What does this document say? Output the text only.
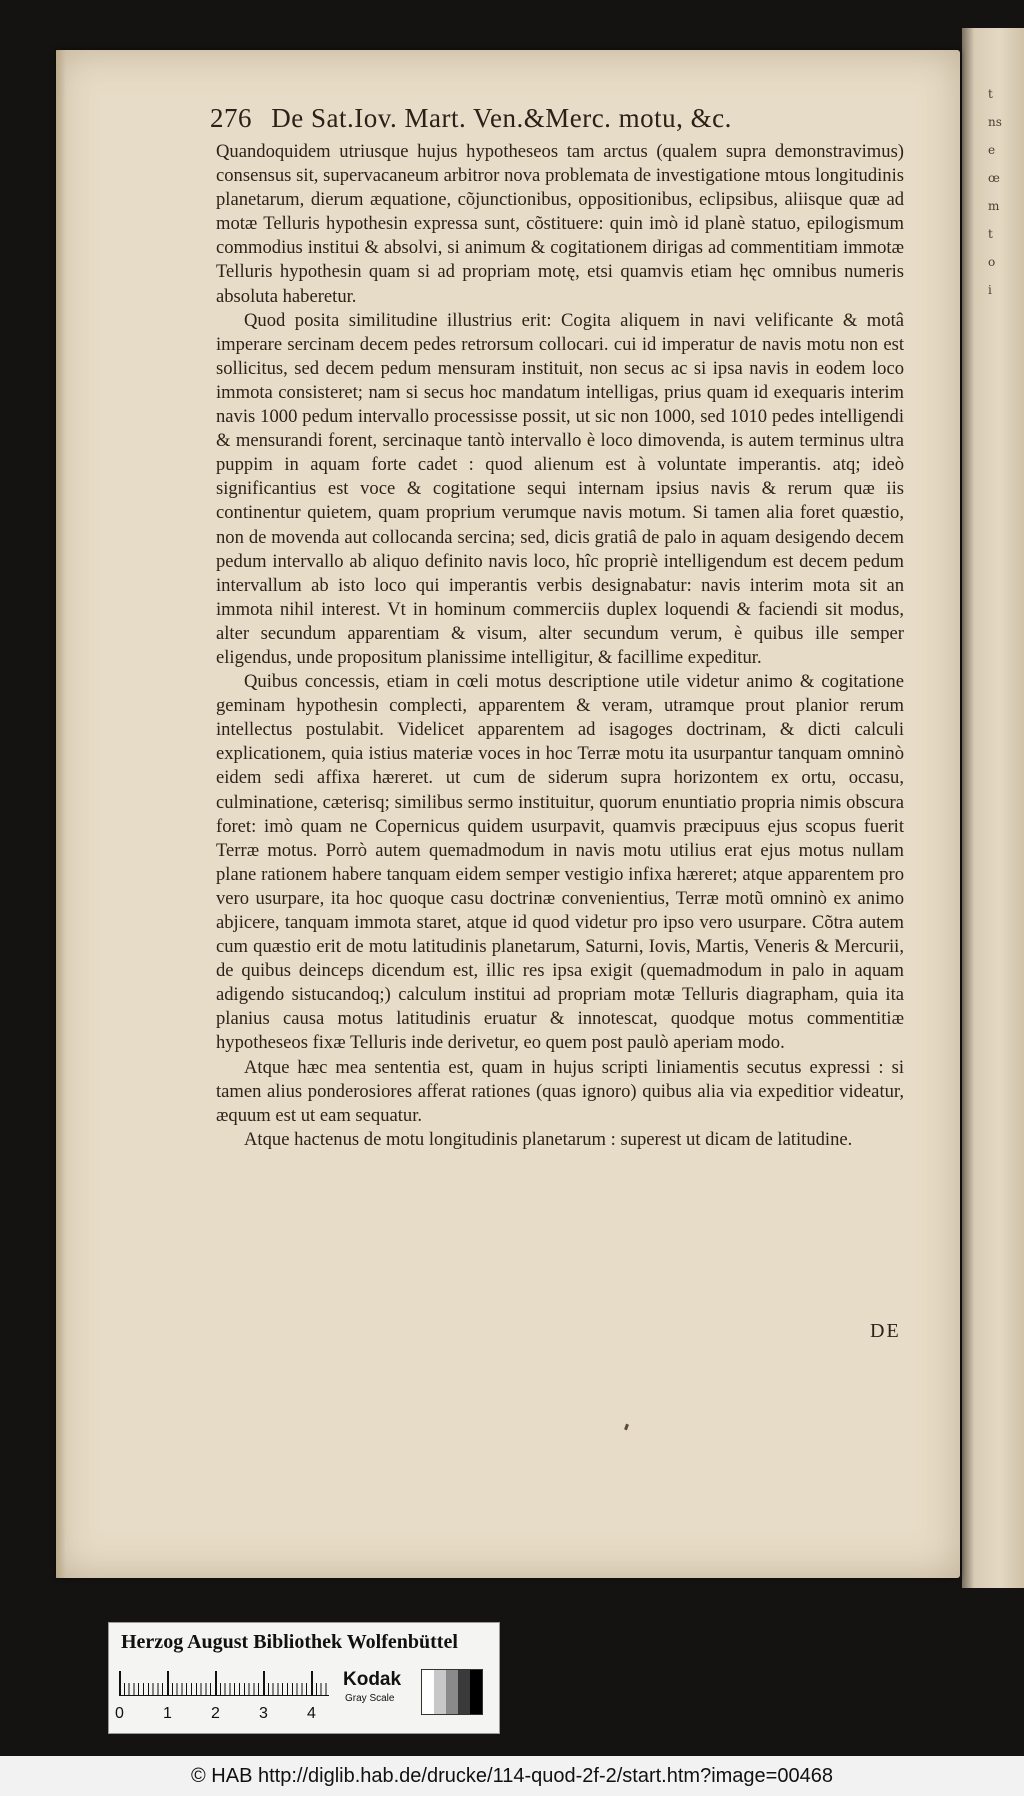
t
ns
e
œ
m
t
o
i
276 De Sat.Iov. Mart. Ven.&Merc. motu, &c.

Quandoquidem utriusque hujus hypotheseos tam arctus (qualem supra demonstravimus) consensus sit, supervacaneum arbitror nova problemata de investigatione mtous longitudinis planetarum, dierum æquatione, cõjunctionibus, oppositionibus, eclipsibus, aliisque quæ ad motæ Telluris hypothesin expressa sunt, cõstituere: quin imò id planè statuo, epilogismum commodius institui & absolvi, si animum & cogitationem dirigas ad commentitiam immotæ Telluris hypothesin quam si ad propriam motę, etsi quamvis etiam hęc omnibus numeris absoluta haberetur.

Quod posita similitudine illustrius erit: Cogita aliquem in navi velificante & motâ imperare sercinam decem pedes retrorsum collocari. cui id imperatur de navis motu non est sollicitus, sed decem pedum mensuram instituit, non secus ac si ipsa navis in eodem loco immota consisteret; nam si secus hoc mandatum intelligas, prius quam id exequaris interim navis 1000 pedum intervallo processisse possit, ut sic non 1000, sed 1010 pedes intelligendi & mensurandi forent, sercinaque tantò intervallo è loco dimovenda, is autem terminus ultra puppim in aquam forte cadet : quod alienum est à voluntate imperantis. atq; ideò significantius est voce & cogitatione sequi internam ipsius navis & rerum quæ iis continentur quietem, quam proprium verumque navis motum. Si tamen alia foret quæstio, non de movenda aut collocanda sercina; sed, dicis gratiâ de palo in aquam desigendo decem pedum intervallo ab aliquo definito navis loco, hîc propriè intelligendum est decem pedum intervallum ab isto loco qui imperantis verbis designabatur: navis interim mota sit an immota nihil interest. Vt in hominum commerciis duplex loquendi & faciendi sit modus, alter secundum apparentiam & visum, alter secundum verum, è quibus ille semper eligendus, unde propositum planissime intelligitur, & facillime expeditur.

Quibus concessis, etiam in cœli motus descriptione utile videtur animo & cogitatione geminam hypothesin complecti, apparentem & veram, utramque prout planior rerum intellectus postulabit. Videlicet apparentem ad isagoges doctrinam, & dicti calculi explicationem, quia istius materiæ voces in hoc Terræ motu ita usurpantur tanquam omninò eidem sedi affixa hæreret. ut cum de siderum supra horizontem ex ortu, occasu, culminatione, cæterisq; similibus sermo instituitur, quorum enuntiatio propria nimis obscura foret: imò quam ne Copernicus quidem usurpavit, quamvis præcipuus ejus scopus fuerit Terræ motus. Porrò autem quemadmodum in navis motu utilius erat ejus motus nullam plane rationem habere tanquam eidem semper vestigio infixa hæreret; atque apparentem pro vero usurpare, ita hoc quoque casu doctrinæ convenientius, Terræ motũ omninò ex animo abjicere, tanquam immota staret, atque id quod videtur pro ipso vero usurpare. Cõtra autem cum quæstio erit de motu latitudinis planetarum, Saturni, Iovis, Martis, Veneris & Mercurii, de quibus deinceps dicendum est, illic res ipsa exigit (quemadmodum in palo in aquam adigendo sistucandoq;) calculum institui ad propriam motæ Telluris diagrapham, quia ita planius causa motus latitudinis eruatur & innotescat, quodque motus commentitiæ hypotheseos fixæ Telluris inde derivetur, eo quem post paulò aperiam modo.

Atque hæc mea sententia est, quam in hujus scripti liniamentis secutus expressi : si tamen alius ponderosiores afferat rationes (quas ignoro) quibus alia via expeditior videatur, æquum est ut eam sequatur.

Atque hactenus de motu longitudinis planetarum : superest ut dicam de latitudine.

DE
Herzog August Bibliothek Wolfenbüttel
0 1 2 3 4
Kodak
Gray Scale
© HAB http://diglib.hab.de/drucke/114-quod-2f-2/start.htm?image=00468
